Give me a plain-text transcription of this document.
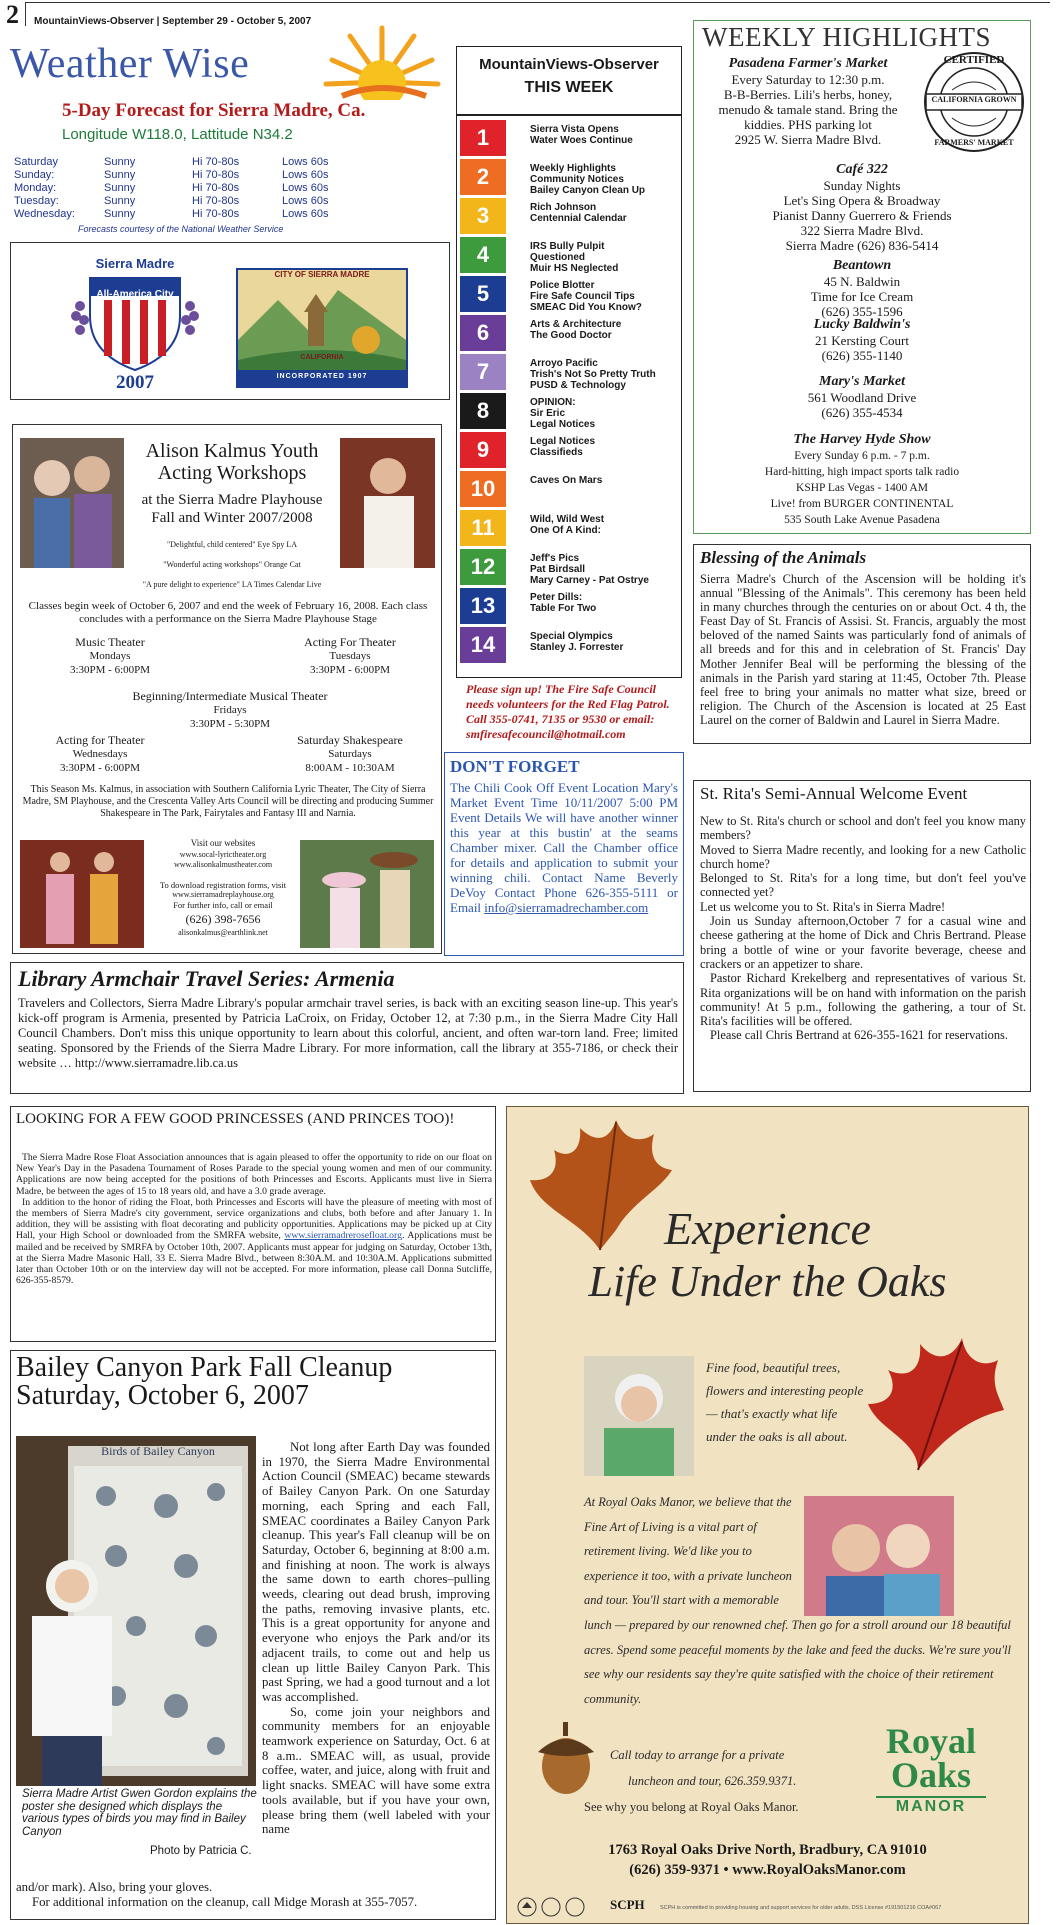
2 MountainViews-Observer | September 29 - October 5, 2007
Weather Wise
5-Day Forecast for Sierra Madre, Ca.
Longitude W118.0, Lattitude N34.2
Saturday	Sunny	Hi 70-80s	Lows 60s
Sunday:	Sunny	Hi 70-80s	Lows 60s
Monday:	Sunny	Hi 70-80s	Lows 60s
Tuesday:	Sunny	Hi 70-80s	Lows 60s
Wednesday:	Sunny	Hi 70-80s	Lows 60s
Forecasts courtesy of the National Weather Service
Sierra Madre
All-America City
2007
CITY OF SIERRA MADRE
CALIFORNIA
INCORPORATED 1907
MountainViews-Observer
THIS WEEK
1	Sierra Vista Opens
Water Woes Continue
2	Weekly Highlights
Community Notices
Bailey Canyon Clean Up
3	Rich Johnson
Centennial Calendar
4	IRS Bully Pulpit
Questioned
Muir HS Neglected
5	Police Blotter
Fire Safe Council Tips
SMEAC Did You Know?
6	Arts & Architecture
The Good Doctor
7	Arroyo Pacific
Trish's Not So Pretty Truth
PUSD & Technology
8	OPINION:
Sir Eric
Legal Notices
9	Legal Notices
Classifieds
10	Caves On Mars
11	Wild, Wild West
One Of A Kind:
12	Jeff's Pics
Pat Birdsall
Mary Carney - Pat Ostrye
13	Peter Dills:
Table For Two
14	Special Olympics
Stanley J. Forrester
Please sign up! The Fire Safe Council needs volunteers for the Red Flag Patrol. Call 355-0741, 7135 or 9530 or email: smfiresafecouncil@hotmail.com
DON'T FORGET
The Chili Cook Off Event Location Mary's Market Event Time 10/11/2007 5:00 PM Event Details We will have another winner this year at this bustin' at the seams Chamber mixer. Call the Chamber office for details and application to submit your winning chili. Contact Name Beverly DeVoy Contact Phone 626-355-5111 or Email info@sierramadrechamber.com
WEEKLY HIGHLIGHTS
CERTIFIED
CALIFORNIA GROWN
FARMERS' MARKET
Pasadena Farmer's Market
Every Saturday to 12:30 p.m.
B-B-Berries. Lili's herbs, honey,
menudo & tamale stand. Bring the
kiddies. PHS parking lot
2925 W. Sierra Madre Blvd.
Café 322
Sunday Nights
Let's Sing Opera & Broadway
Pianist Danny Guerrero & Friends
322 Sierra Madre Blvd.
Sierra Madre (626) 836-5414
Beantown
45 N. Baldwin
Time for Ice Cream
(626) 355-1596
Lucky Baldwin's
21 Kersting Court
(626) 355-1140
Mary's Market
561 Woodland Drive
(626) 355-4534
The Harvey Hyde Show
Every Sunday 6 p.m. - 7 p.m.
Hard-hitting, high impact sports talk radio
KSHP Las Vegas - 1400 AM
Live! from BURGER CONTINENTAL
535 South Lake Avenue Pasadena
Blessing of the Animals
Sierra Madre's Church of the Ascension will be holding it's annual "Blessing of the Animals". This ceremony has been held in many churches through the centuries on or about Oct. 4 th, the Feast Day of St. Francis of Assisi. St. Francis, arguably the most beloved of the named Saints was particularly fond of animals of all breeds and for this and in celebration of St. Francis' Day Mother Jennifer Beal will be performing the blessing of the animals in the Parish yard staring at 11:45, October 7th. Please feel free to bring your animals no matter what size, breed or religion. The Church of the Ascension is located at 25 East Laurel on the corner of Baldwin and Laurel in Sierra Madre.
St. Rita's Semi-Annual Welcome Event

New to St. Rita's church or school and don't feel you know many members?

Moved to Sierra Madre recently, and looking for a new Catholic church home?

Belonged to St. Rita's for a long time, but don't feel you've connected yet?

Let us welcome you to St. Rita's in Sierra Madre!

Join us Sunday afternoon,October 7 for a casual wine and cheese gathering at the home of Dick and Chris Bertrand. Please bring a bottle of wine or your favorite beverage, cheese and crackers or an appetizer to share.

Pastor Richard Krekelberg and representatives of various St. Rita organizations will be on hand with information on the parish community! At 5 p.m., following the gathering, a tour of St. Rita's facilities will be offered.

Please call Chris Bertrand at 626-355-1621 for reservations.

Alison Kalmus Youth
Acting Workshops
at the Sierra Madre Playhouse
Fall and Winter 2007/2008
"Delightful, child centered" Eye Spy LA
"Wonderful acting workshops" Orange Cat
"A pure delight to experience" LA Times Calendar Live
Classes begin week of October 6, 2007 and end the week of February 16, 2008. Each class concludes with a performance on the Sierra Madre Playhouse Stage
Music Theater
Mondays
3:30PM - 6:00PM
Acting For Theater
Tuesdays
3:30PM - 6:00PM
Beginning/Intermediate Musical Theater
Fridays
3:30PM - 5:30PM
Acting for Theater
Wednesdays
3:30PM - 6:00PM
Saturday Shakespeare
Saturdays
8:00AM - 10:30AM
This Season Ms. Kalmus, in association with Southern California Lyric Theater, The City of Sierra Madre, SM Playhouse, and the Crescenta Valley Arts Council will be directing and producing Summer Shakespeare in The Park, Fairytales and Fantasy III and Narnia.
Visit our websites
www.socal-lyrictheater.org
www.alisonkalmustheater.com
To download registration forms, visit
www.sierramadreplayhouse.org
For further info, call or email
(626) 398-7656
alisonkalmus@earthlink.net
Library Armchair Travel Series: Armenia
Travelers and Collectors, Sierra Madre Library's popular armchair travel series, is back with an exciting season line-up. This year's kick-off program is Armenia, presented by Patricia LaCroix, on Friday, October 12, at 7:30 p.m., in the Sierra Madre City Hall Council Chambers. Don't miss this unique opportunity to learn about this colorful, ancient, and often war-torn land. Free; limited seating. Sponsored by the Friends of the Sierra Madre Library. For more information, call the library at 355-7186, or check their website … http://www.sierramadre.lib.ca.us
LOOKING FOR A FEW GOOD PRINCESSES (AND PRINCES TOO)!

The Sierra Madre Rose Float Association announces that is again pleased to offer the opportunity to ride on our float on New Year's Day in the Pasadena Tournament of Roses Parade to the special young women and men of our community. Applications are now being accepted for the positions of both Princesses and Escorts. Applicants must live in Sierra Madre, be between the ages of 15 to 18 years old, and have a 3.0 grade average.

In addition to the honor of riding the Float, both Princesses and Escorts will have the pleasure of meeting with most of the members of Sierra Madre's city government, service organizations and clubs, both before and after January 1. In addition, they will be assisting with float decorating and publicity opportunities. Applications may be picked up at City Hall, your High School or downloaded from the SMRFA website, www.sierramadrerosefloat.org. Applications must be mailed and be received by SMRFA by October 10th, 2007. Applicants must appear for judging on Saturday, October 13th, at the Sierra Madre Masonic Hall, 33 E. Sierra Madre Blvd., between 8:30A.M. and 10:30A.M. Applications submitted later than October 10th or on the interview day will not be accepted. For more information, please call Donna Sutcliffe, 626-355-8579.

Bailey Canyon Park Fall Cleanup
Saturday, October 6, 2007
Birds of Bailey Canyon
Sierra Madre Artist Gwen Gordon explains the poster she designed which displays the various types of birds you may find in Bailey Canyon
Photo by Patricia C.

Not long after Earth Day was founded in 1970, the Sierra Madre Environmental Action Council (SMEAC) became stewards of Bailey Canyon Park. On one Saturday morning, each Spring and each Fall, SMEAC coordinates a Bailey Canyon Park cleanup. This year's Fall cleanup will be on Saturday, October 6, beginning at 8:00 a.m. and finishing at noon. The work is always the same down to earth chores–pulling weeds, clearing out dead brush, improving the paths, removing invasive plants, etc. This is a great opportunity for anyone and everyone who enjoys the Park and/or its adjacent trails, to come out and help us clean up little Bailey Canyon Park. This past Spring, we had a good turnout and a lot was accomplished.

So, come join your neighbors and community members for an enjoyable teamwork experience on Saturday, Oct. 6 at 8 a.m.. SMEAC will, as usual, provide coffee, water, and juice, along with fruit and light snacks. SMEAC will have some extra tools available, but if you have your own, please bring them (well labeled with your name

and/or mark). Also, bring your gloves.

For additional information on the cleanup, call Midge Morash at 355-7057.

Experience
Life Under the Oaks
Fine food, beautiful trees, flowers and interesting people — that's exactly what life under the oaks is all about.
At Royal Oaks Manor, we believe that the Fine Art of Living is a vital part of retirement living. We'd like you to experience it too, with a private luncheon and tour. You'll start with a memorable lunch — prepared by our renowned chef. Then go for a stroll around our 18 beautiful acres. Spend some peaceful moments by the lake and feed the ducks. We're sure you'll see why our residents say they're quite satisfied with the choice of their retirement community.
Call today to arrange for a private
luncheon and tour, 626.359.9371.
See why you belong at Royal Oaks Manor.
Royal
Oaks
MANOR
1763 Royal Oaks Drive North, Bradbury, CA 91010
(626) 359-9371 • www.RoyalOaksManor.com
SCPH	SCPH is committed to providing housing and support services for older adults. DSS License #191501216 COA#067
